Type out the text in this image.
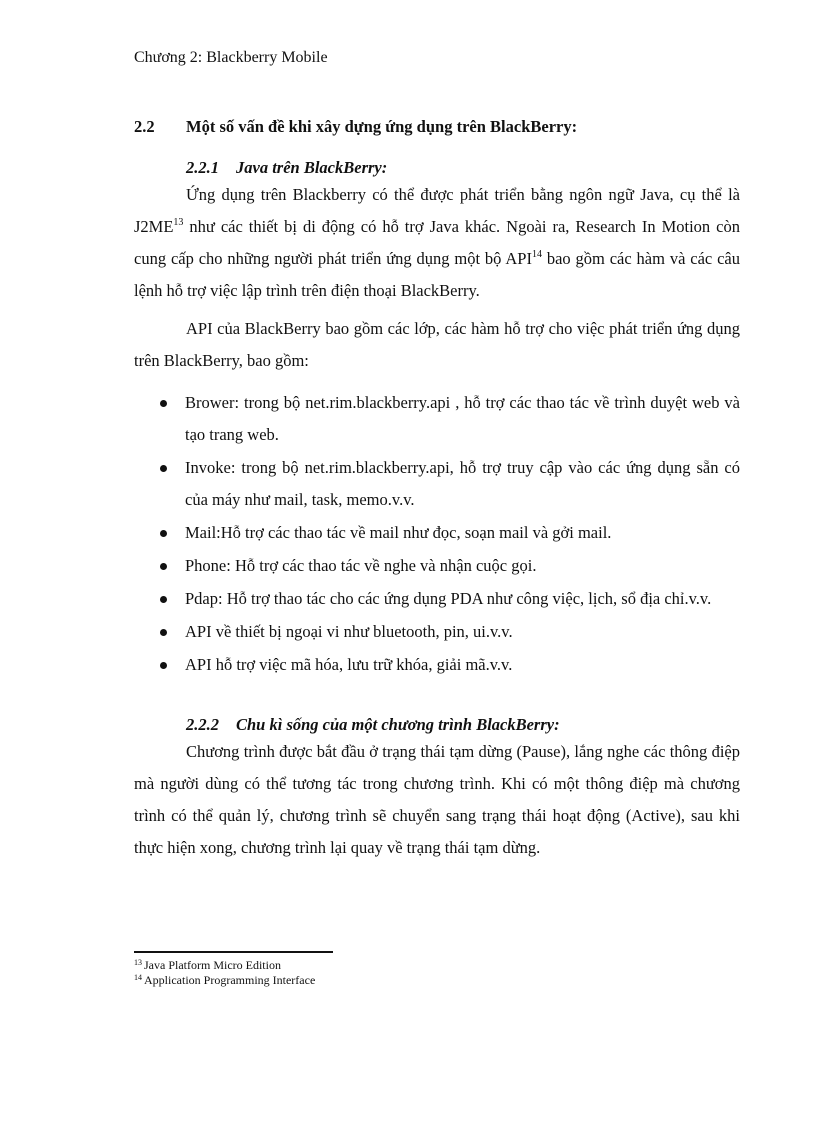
Chương 2: Blackberry Mobile
2.2 Một số vấn đề khi xây dựng ứng dụng trên BlackBerry:
2.2.1 Java trên BlackBerry:

Ứng dụng trên Blackberry có thể được phát triển bằng ngôn ngữ Java, cụ thể là J2ME$^{13}$ như các thiết bị di động có hỗ trợ Java khác. Ngoài ra, Research In Motion còn cung cấp cho những người phát triển ứng dụng một bộ API$^{14}$ bao gồm các hàm và các câu lệnh hỗ trợ việc lập trình trên điện thoại BlackBerry.

API của BlackBerry bao gồm các lớp, các hàm hỗ trợ cho việc phát triển ứng dụng trên BlackBerry, bao gồm:

Brower: trong bộ net.rim.blackberry.api , hỗ trợ các thao tác về trình duyệt web và tạo trang web.
Invoke: trong bộ net.rim.blackberry.api, hỗ trợ truy cập vào các ứng dụng sẵn có của máy như mail, task, memo.v.v.
Mail:Hỗ trợ các thao tác về mail như đọc, soạn mail và gởi mail.
Phone: Hỗ trợ các thao tác về nghe và nhận cuộc gọi.
Pdap: Hỗ trợ thao tác cho các ứng dụng PDA như công việc, lịch, sổ địa chỉ.v.v.
API về thiết bị ngoại vi như bluetooth, pin, ui.v.v.
API hỗ trợ việc mã hóa, lưu trữ khóa, giải mã.v.v.
2.2.2 Chu kì sống của một chương trình BlackBerry:

Chương trình được bắt đầu ở trạng thái tạm dừng (Pause), lắng nghe các thông điệp mà người dùng có thể tương tác trong chương trình. Khi có một thông điệp mà chương trình có thể quản lý, chương trình sẽ chuyển sang trạng thái hoạt động (Active), sau khi thực hiện xong, chương trình lại quay về trạng thái tạm dừng.

$^{13}$ Java Platform Micro Edition
$^{14}$ Application Programming Interface
